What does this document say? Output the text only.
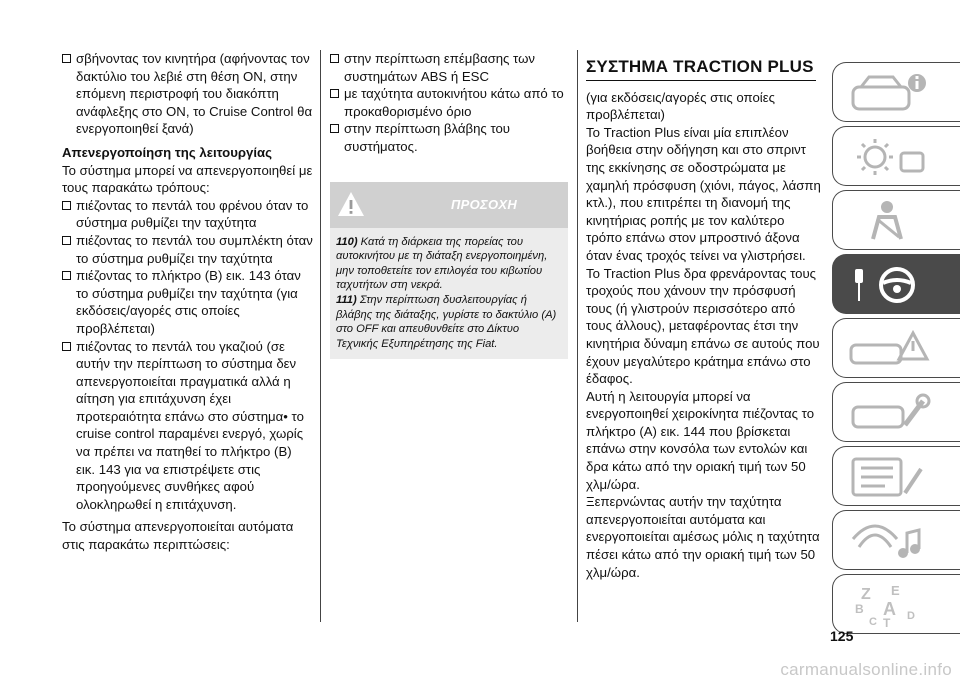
σβήνοντας τον κινητήρα (αφήνοντας τον δακτύλιο του λεβιέ στη θέση ON, στην επόμενη περιστροφή του διακόπτη ανάφλεξης στο ON, το Cruise Control θα ενεργοποιηθεί ξανά)

Απενεργοποίηση της λειτουργίας

Το σύστημα μπορεί να απενεργοποιηθεί με τους παρακάτω τρόπους:

πιέζοντας το πεντάλ του φρένου όταν το σύστημα ρυθμίζει την ταχύτητα

πιέζοντας το πεντάλ του συμπλέκτη όταν το σύστημα ρυθμίζει την ταχύτητα

πιέζοντας το πλήκτρο (B) εικ. 143 όταν το σύστημα ρυθμίζει την ταχύτητα (για εκδόσεις/αγορές στις οποίες προβλέπεται)

πιέζοντας το πεντάλ του γκαζιού (σε αυτήν την περίπτωση το σύστημα δεν απενεργοποιείται πραγματικά αλλά η αίτηση για επιτάχυνση έχει προτεραιότητα επάνω στο σύστημα• το cruise control παραμένει ενεργό, χωρίς να πρέπει να πατηθεί το πλήκτρο (B) εικ. 143 για να επιστρέψετε στις προηγούμενες συνθήκες αφού ολοκληρωθεί η επιτάχυνση.

Το σύστημα απενεργοποιείται αυτόματα στις παρακάτω περιπτώσεις:

στην περίπτωση επέμβασης των συστημάτων ABS ή ESC

με ταχύτητα αυτοκινήτου κάτω από το προκαθορισμένο όριο

στην περίπτωση βλάβης του συστήματος.

ΠΡΟΣΟΧΗ

110) Κατά τη διάρκεια της πορείας του αυτοκινήτου με τη διάταξη ενεργοποιημένη, μην τοποθετείτε τον επιλογέα του κιβωτίου ταχυτήτων στη νεκρά.

111) Στην περίπτωση δυσλειτουργίας ή βλάβης της διάταξης, γυρίστε το δακτύλιο (A) στο OFF και απευθυνθείτε στο Δίκτυο Τεχνικής Εξυπηρέτησης της Fiat.

ΣΥΣΤΗΜΑ TRACTION PLUS

(για εκδόσεις/αγορές στις οποίες προβλέπεται)

Το Traction Plus είναι μία επιπλέον βοήθεια στην οδήγηση και στο σπριντ της εκκίνησης σε οδοστρώματα με χαμηλή πρόσφυση (χιόνι, πάγος, λάσπη κτλ.), που επιτρέπει τη διανομή της κινητήριας ροπής με τον καλύτερο τρόπο επάνω στον μπροστινό άξονα όταν ένας τροχός τείνει να γλιστρήσει.

Το Traction Plus δρα φρενάροντας τους τροχούς που χάνουν την πρόσφυσή τους (ή γλιστρούν περισσότερο από τους άλλους), μεταφέροντας έτσι την κινητήρια δύναμη επάνω σε αυτούς που έχουν μεγαλύτερο κράτημα επάνω στο έδαφος.

Αυτή η λειτουργία μπορεί να ενεργοποιηθεί χειροκίνητα πιέζοντας το πλήκτρο (A) εικ. 144 που βρίσκεται επάνω στην κονσόλα των εντολών και δρα κάτω από την οριακή τιμή των 50 χλμ/ώρα.

Ξεπερνώντας αυτήν την ταχύτητα απενεργοποιείται αυτόματα και ενεργοποιείται αμέσως μόλις η ταχύτητα πέσει κάτω από την οριακή τιμή των 50 χλμ/ώρα.

Z E
B A
C T D
125
carmanualsonline.info
